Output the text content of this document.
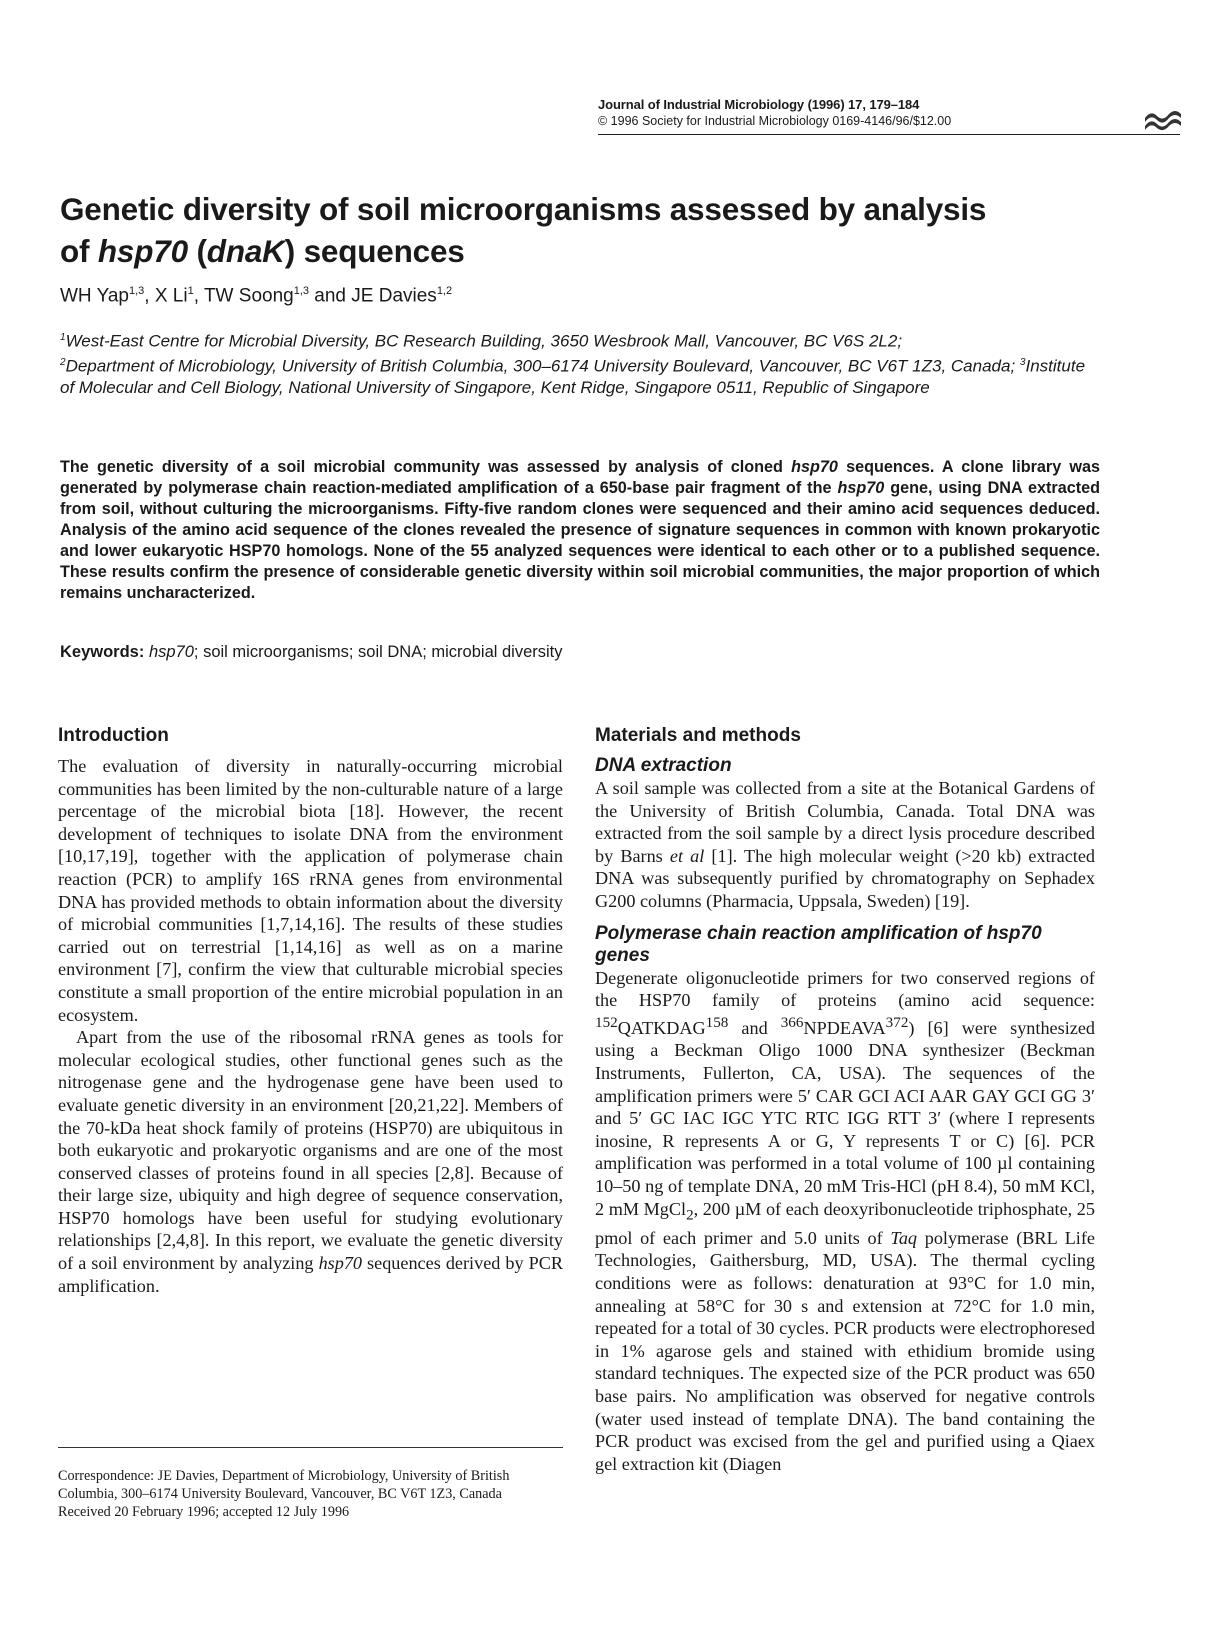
Journal of Industrial Microbiology (1996) 17, 179–184
© 1996 Society for Industrial Microbiology 0169-4146/96/$12.00
Genetic diversity of soil microorganisms assessed by analysis
of hsp70 (dnaK) sequences
WH Yap$^{1,3}$, X Li$^1$, TW Soong$^{1,3}$ and JE Davies$^{1,2}$
$^1$West-East Centre for Microbial Diversity, BC Research Building, 3650 Wesbrook Mall, Vancouver, BC V6S 2L2;
$^2$Department of Microbiology, University of British Columbia, 300–6174 University Boulevard, Vancouver, BC V6T 1Z3, Canada; $^3$Institute of Molecular and Cell Biology, National University of Singapore, Kent Ridge, Singapore 0511, Republic of Singapore

The genetic diversity of a soil microbial community was assessed by analysis of cloned hsp70 sequences. A clone library was generated by polymerase chain reaction-mediated amplification of a 650-base pair fragment of the hsp70 gene, using DNA extracted from soil, without culturing the microorganisms. Fifty-five random clones were sequenced and their amino acid sequences deduced. Analysis of the amino acid sequence of the clones revealed the presence of signature sequences in common with known prokaryotic and lower eukaryotic HSP70 homologs. None of the 55 analyzed sequences were identical to each other or to a published sequence. These results confirm the presence of considerable genetic diversity within soil microbial communities, the major proportion of which remains uncharacterized.

Keywords: hsp70; soil microorganisms; soil DNA; microbial diversity
Introduction

The evaluation of diversity in naturally-occurring microbial communities has been limited by the non-culturable nature of a large percentage of the microbial biota [18]. However, the recent development of techniques to isolate DNA from the environment [10,17,19], together with the application of polymerase chain reaction (PCR) to amplify 16S rRNA genes from environmental DNA has provided methods to obtain information about the diversity of microbial communities [1,7,14,16]. The results of these studies carried out on terrestrial [1,14,16] as well as on a marine environment [7], confirm the view that culturable microbial species constitute a small proportion of the entire microbial population in an ecosystem.

Apart from the use of the ribosomal rRNA genes as tools for molecular ecological studies, other functional genes such as the nitrogenase gene and the hydrogenase gene have been used to evaluate genetic diversity in an environment [20,21,22]. Members of the 70-kDa heat shock family of proteins (HSP70) are ubiquitous in both eukaryotic and prokaryotic organisms and are one of the most conserved classes of proteins found in all species [2,8]. Because of their large size, ubiquity and high degree of sequence conservation, HSP70 homologs have been useful for studying evolutionary relationships [2,4,8]. In this report, we evaluate the genetic diversity of a soil environment by analyzing hsp70 sequences derived by PCR amplification.

Materials and methods
DNA extraction

A soil sample was collected from a site at the Botanical Gardens of the University of British Columbia, Canada. Total DNA was extracted from the soil sample by a direct lysis procedure described by Barns et al [1]. The high molecular weight (>20 kb) extracted DNA was subsequently purified by chromatography on Sephadex G200 columns (Pharmacia, Uppsala, Sweden) [19].

Polymerase chain reaction amplification of hsp70 genes

Degenerate oligonucleotide primers for two conserved regions of the HSP70 family of proteins (amino acid sequence: $^{152}$QATKDAG$^{158}$ and $^{366}$NPDEAVA$^{372}$) [6] were synthesized using a Beckman Oligo 1000 DNA synthesizer (Beckman Instruments, Fullerton, CA, USA). The sequences of the amplification primers were 5′ CAR GCI ACI AAR GAY GCI GG 3′ and 5′ GC IAC IGC YTC RTC IGG RTT 3′ (where I represents inosine, R represents A or G, Y represents T or C) [6]. PCR amplification was performed in a total volume of 100 µl containing 10–50 ng of template DNA, 20 mM Tris-HCl (pH 8.4), 50 mM KCl, 2 mM MgCl$_2$, 200 µM of each deoxyribonucleotide triphosphate, 25 pmol of each primer and 5.0 units of Taq polymerase (BRL Life Technologies, Gaithersburg, MD, USA). The thermal cycling conditions were as follows: denaturation at 93°C for 1.0 min, annealing at 58°C for 30 s and extension at 72°C for 1.0 min, repeated for a total of 30 cycles. PCR products were electrophoresed in 1% agarose gels and stained with ethidium bromide using standard techniques. The expected size of the PCR product was 650 base pairs. No amplification was observed for negative controls (water used instead of template DNA). The band containing the PCR product was excised from the gel and purified using a Qiaex gel extraction kit (Diagen

Correspondence: JE Davies, Department of Microbiology, University of British Columbia, 300–6174 University Boulevard, Vancouver, BC V6T 1Z3, Canada
Received 20 February 1996; accepted 12 July 1996
